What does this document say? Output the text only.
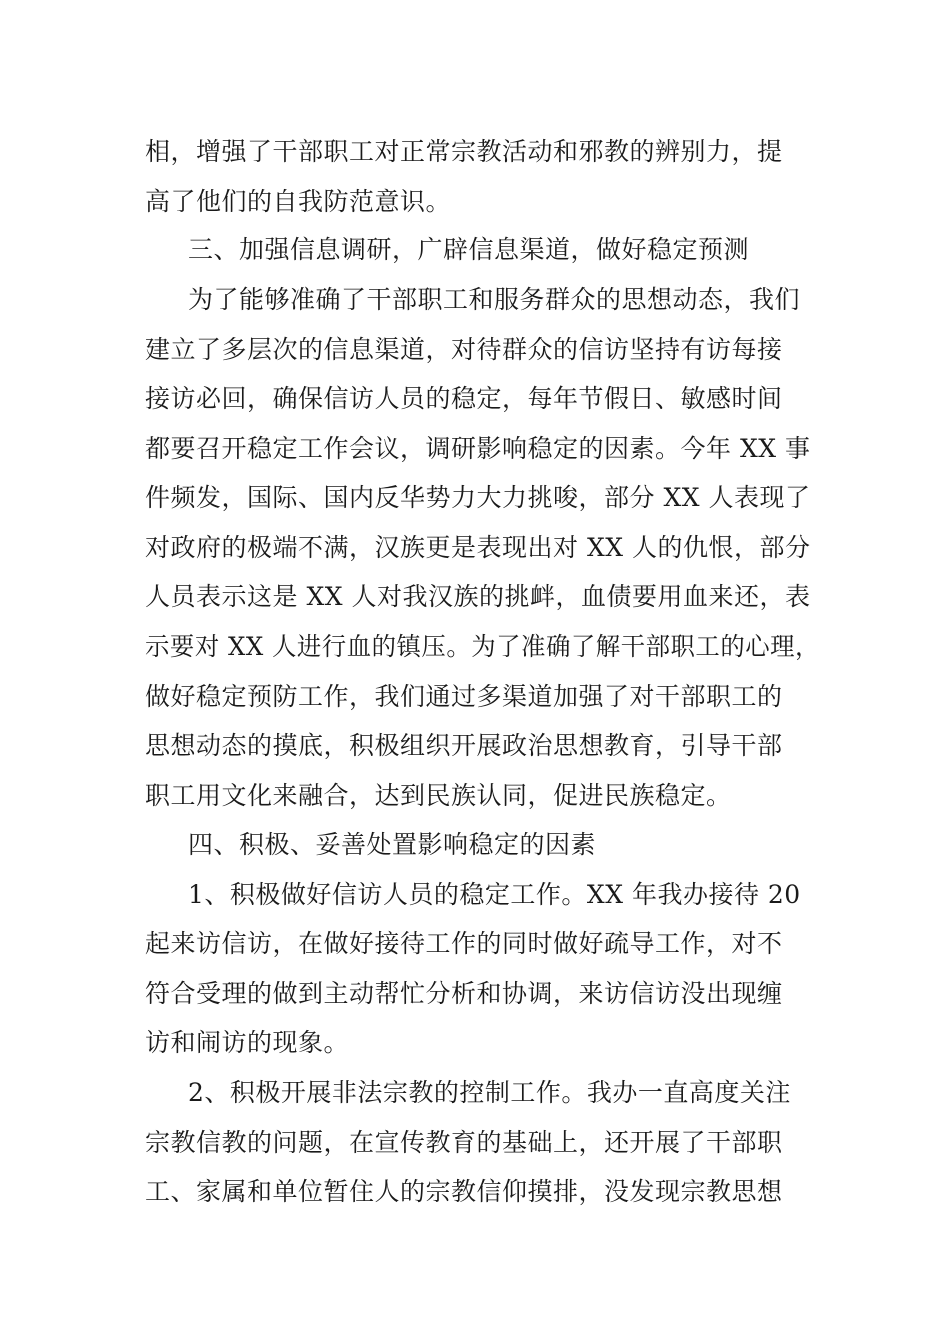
相，增强了干部职工对正常宗教活动和邪教的辨别力，提
高了他们的自我防范意识。
三、加强信息调研，广辟信息渠道，做好稳定预测
为了能够准确了干部职工和服务群众的思想动态，我们
建立了多层次的信息渠道，对待群众的信访坚持有访每接
接访必回，确保信访人员的稳定，每年节假日、敏感时间
都要召开稳定工作会议，调研影响稳定的因素。今年 XX 事
件频发，国际、国内反华势力大力挑唆，部分 XX 人表现了
对政府的极端不满，汉族更是表现出对 XX 人的仇恨，部分
人员表示这是 XX 人对我汉族的挑衅，血债要用血来还，表
示要对 XX 人进行血的镇压。为了准确了解干部职工的心理，
做好稳定预防工作，我们通过多渠道加强了对干部职工的
思想动态的摸底，积极组织开展政治思想教育，引导干部
职工用文化来融合，达到民族认同，促进民族稳定。
四、积极、妥善处置影响稳定的因素
1、积极做好信访人员的稳定工作。XX 年我办接待 20
起来访信访，在做好接待工作的同时做好疏导工作，对不
符合受理的做到主动帮忙分析和协调，来访信访没出现缠
访和闹访的现象。
2、积极开展非法宗教的控制工作。我办一直高度关注
宗教信教的问题，在宣传教育的基础上，还开展了干部职
工、家属和单位暂住人的宗教信仰摸排，没发现宗教思想
